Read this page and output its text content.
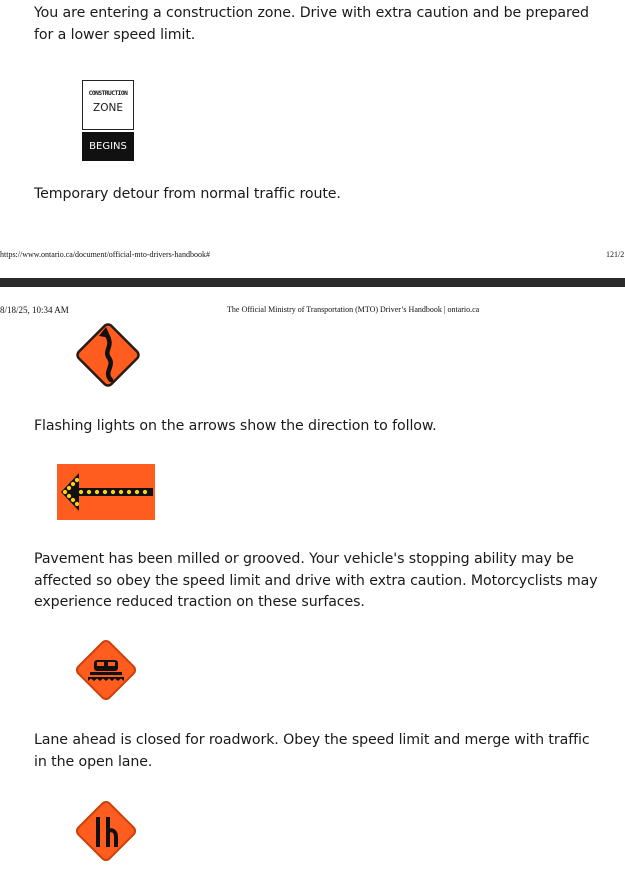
You are entering a construction zone. Drive with extra caution and be prepared for a lower speed limit.

CONSTRUCTION
ZONE
BEGINS

Temporary detour from normal traffic route.

https://www.ontario.ca/document/official-mto-drivers-handbook#	121/2
8/18/25, 10:34 AM	The Official Ministry of Transportation (MTO) Driver’s Handbook | ontario.ca

Flashing lights on the arrows show the direction to follow.

Pavement has been milled or grooved. Your vehicle's stopping ability may be affected so obey the speed limit and drive with extra caution. Motorcyclists may experience reduced traction on these surfaces.

Lane ahead is closed for roadwork. Obey the speed limit and merge with traffic in the open lane.
